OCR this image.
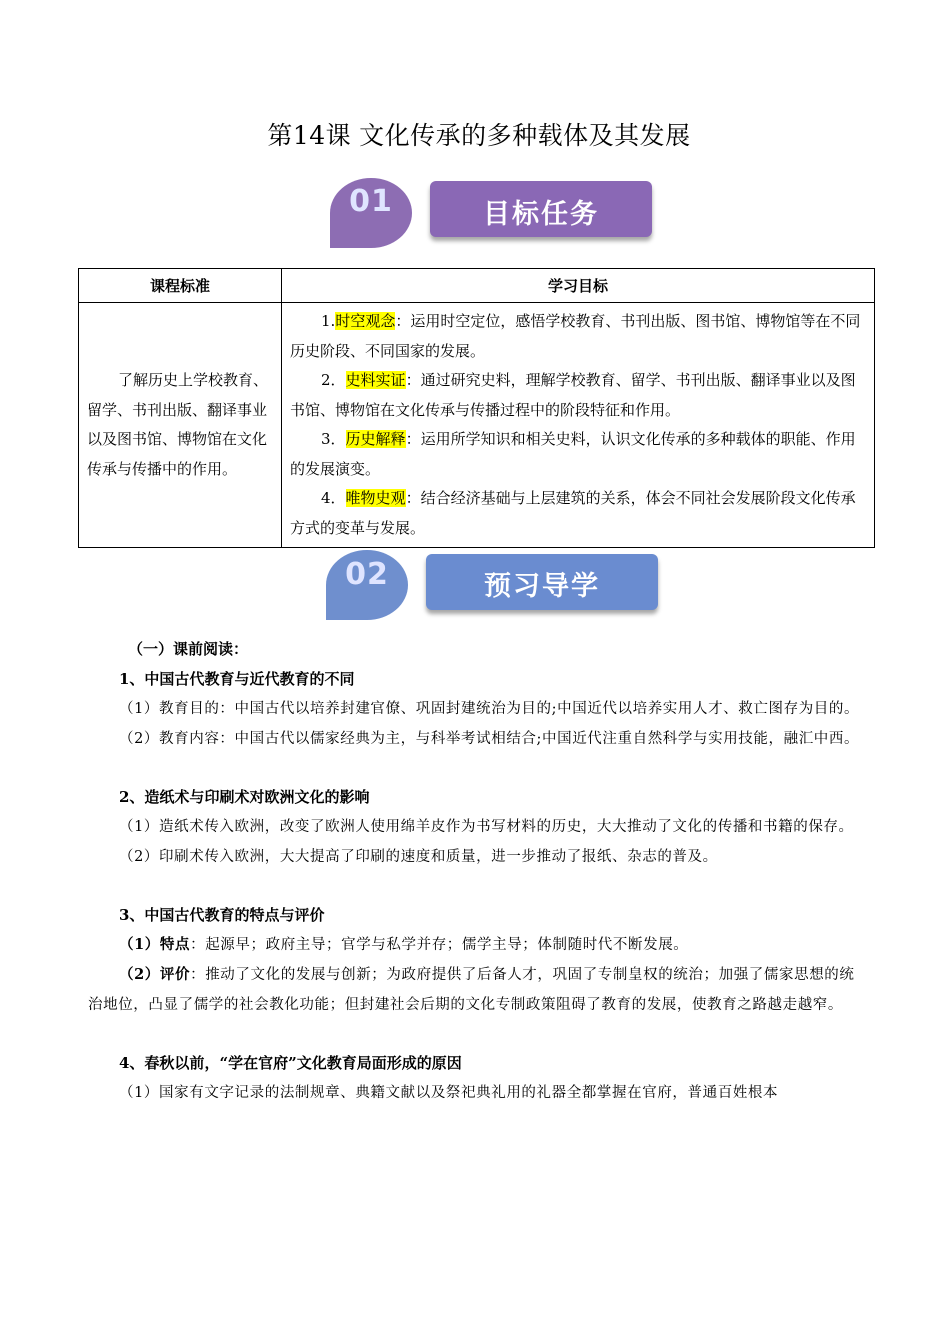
第14课 文化传承的多种载体及其发展
01	目标任务
课程标准	学习目标
了解历史上学校教育、留学、书刊出版、翻译事业以及图书馆、博物馆在文化传承与传播中的作用。	1.时空观念：运用时空定位，感悟学校教育、书刊出版、图书馆、博物馆等在不同历史阶段、不同国家的发展。

2．史料实证：通过研究史料，理解学校教育、留学、书刊出版、翻译事业以及图书馆、博物馆在文化传承与传播过程中的阶段特征和作用。

3．历史解释：运用所学知识和相关史料，认识文化传承的多种载体的职能、作用的发展演变。

4．唯物史观：结合经济基础与上层建筑的关系，体会不同社会发展阶段文化传承方式的变革与发展。

02	预习导学

（一）课前阅读：

1、中国古代教育与近代教育的不同

（1）教育目的：中国古代以培养封建官僚、巩固封建统治为目的;中国近代以培养实用人才、救亡图存为目的。

（2）教育内容：中国古代以儒家经典为主，与科举考试相结合;中国近代注重自然科学与实用技能，融汇中西。

2、造纸术与印刷术对欧洲文化的影响

（1）造纸术传入欧洲，改变了欧洲人使用绵羊皮作为书写材料的历史，大大推动了文化的传播和书籍的保存。

（2）印刷术传入欧洲，大大提高了印刷的速度和质量，进一步推动了报纸、杂志的普及。

3、中国古代教育的特点与评价

（1）特点：起源早；政府主导；官学与私学并存；儒学主导；体制随时代不断发展。

（2）评价：推动了文化的发展与创新；为政府提供了后备人才，巩固了专制皇权的统治；加强了儒家思想的统治地位，凸显了儒学的社会教化功能；但封建社会后期的文化专制政策阻碍了教育的发展，使教育之路越走越窄。

4、春秋以前，“学在官府”文化教育局面形成的原因

（1）国家有文字记录的法制规章、典籍文献以及祭祀典礼用的礼器全都掌握在官府，普通百姓根本
